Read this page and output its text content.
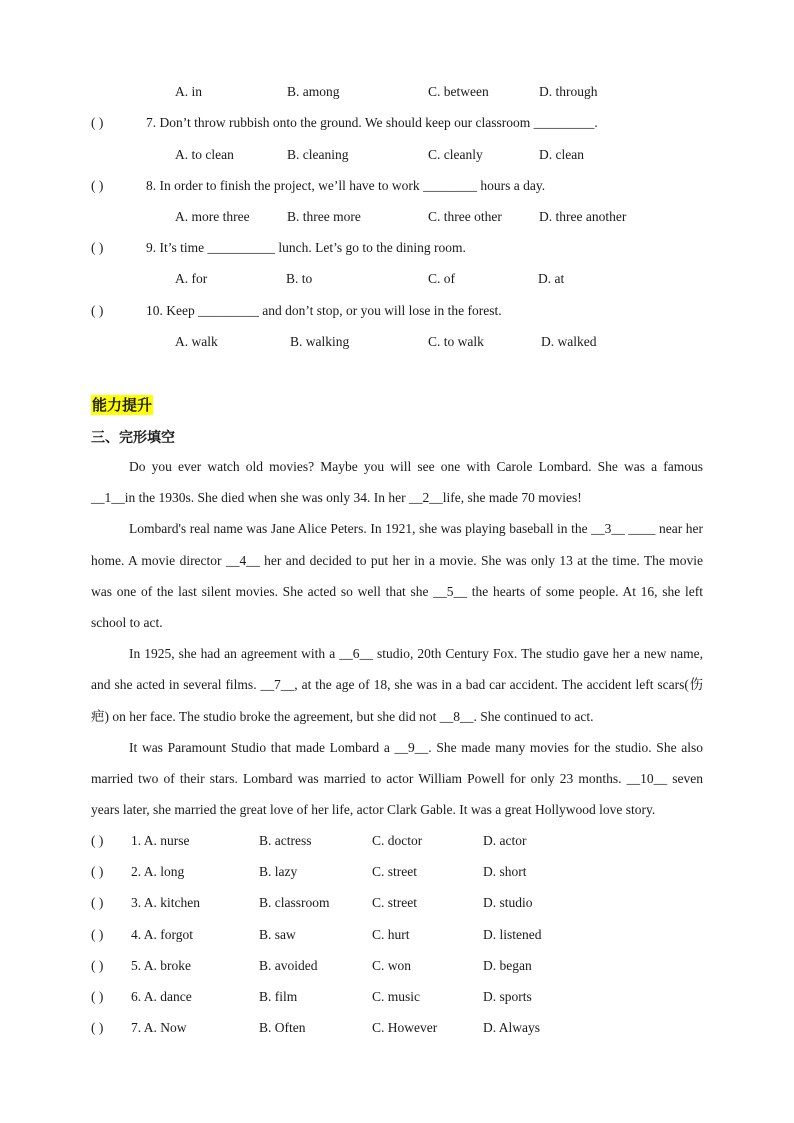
A. in	B. among	C. between	D. through
( )	7. Don’t throw rubbish onto the ground. We should keep our classroom _________.
A. to clean	B. cleaning	C. cleanly	D. clean
( )	8. In order to finish the project, we’ll have to work ________ hours a day.
A. more three	B. three more	C. three other	D. three another
( )	9. It’s time __________ lunch. Let’s go to the dining room.
A. for	B. to	C. of	D. at
( )	10. Keep _________ and don’t stop, or you will lose in the forest.
A. walk	B. walking	C. to walk	D. walked
能力提升
三、完形填空

Do you ever watch old movies? Maybe you will see one with Carole Lombard. She was a famous __1__in the 1930s. She died when she was only 34. In her __2__life, she made 70 movies!

Lombard's real name was Jane Alice Peters. In 1921, she was playing baseball in the __3__ ____ near her home. A movie director __4__ her and decided to put her in a movie. She was only 13 at the time. The movie was one of the last silent movies. She acted so well that she __5__ the hearts of some people. At 16, she left school to act.

In 1925, she had an agreement with a __6__ studio, 20th Century Fox. The studio gave her a new name, and she acted in several films. __7__, at the age of 18, she was in a bad car accident. The accident left scars(伤疤) on her face. The studio broke the agreement, but she did not __8__. She continued to act.

It was Paramount Studio that made Lombard a __9__. She made many movies for the studio. She also married two of their stars. Lombard was married to actor William Powell for only 23 months. __10__ seven years later, she married the great love of her life, actor Clark Gable. It was a great Hollywood love story.

( ) 1. A. nurse	B. actress	C. doctor	D. actor
( ) 2. A. long	B. lazy	C. street	D. short
( ) 3. A. kitchen	B. classroom	C. street	D. studio
( ) 4. A. forgot	B. saw	C. hurt	D. listened
( ) 5. A. broke	B. avoided	C. won	D. began
( ) 6. A. dance	B. film	C. music	D. sports
( ) 7. A. Now	B. Often	C. However	D. Always
